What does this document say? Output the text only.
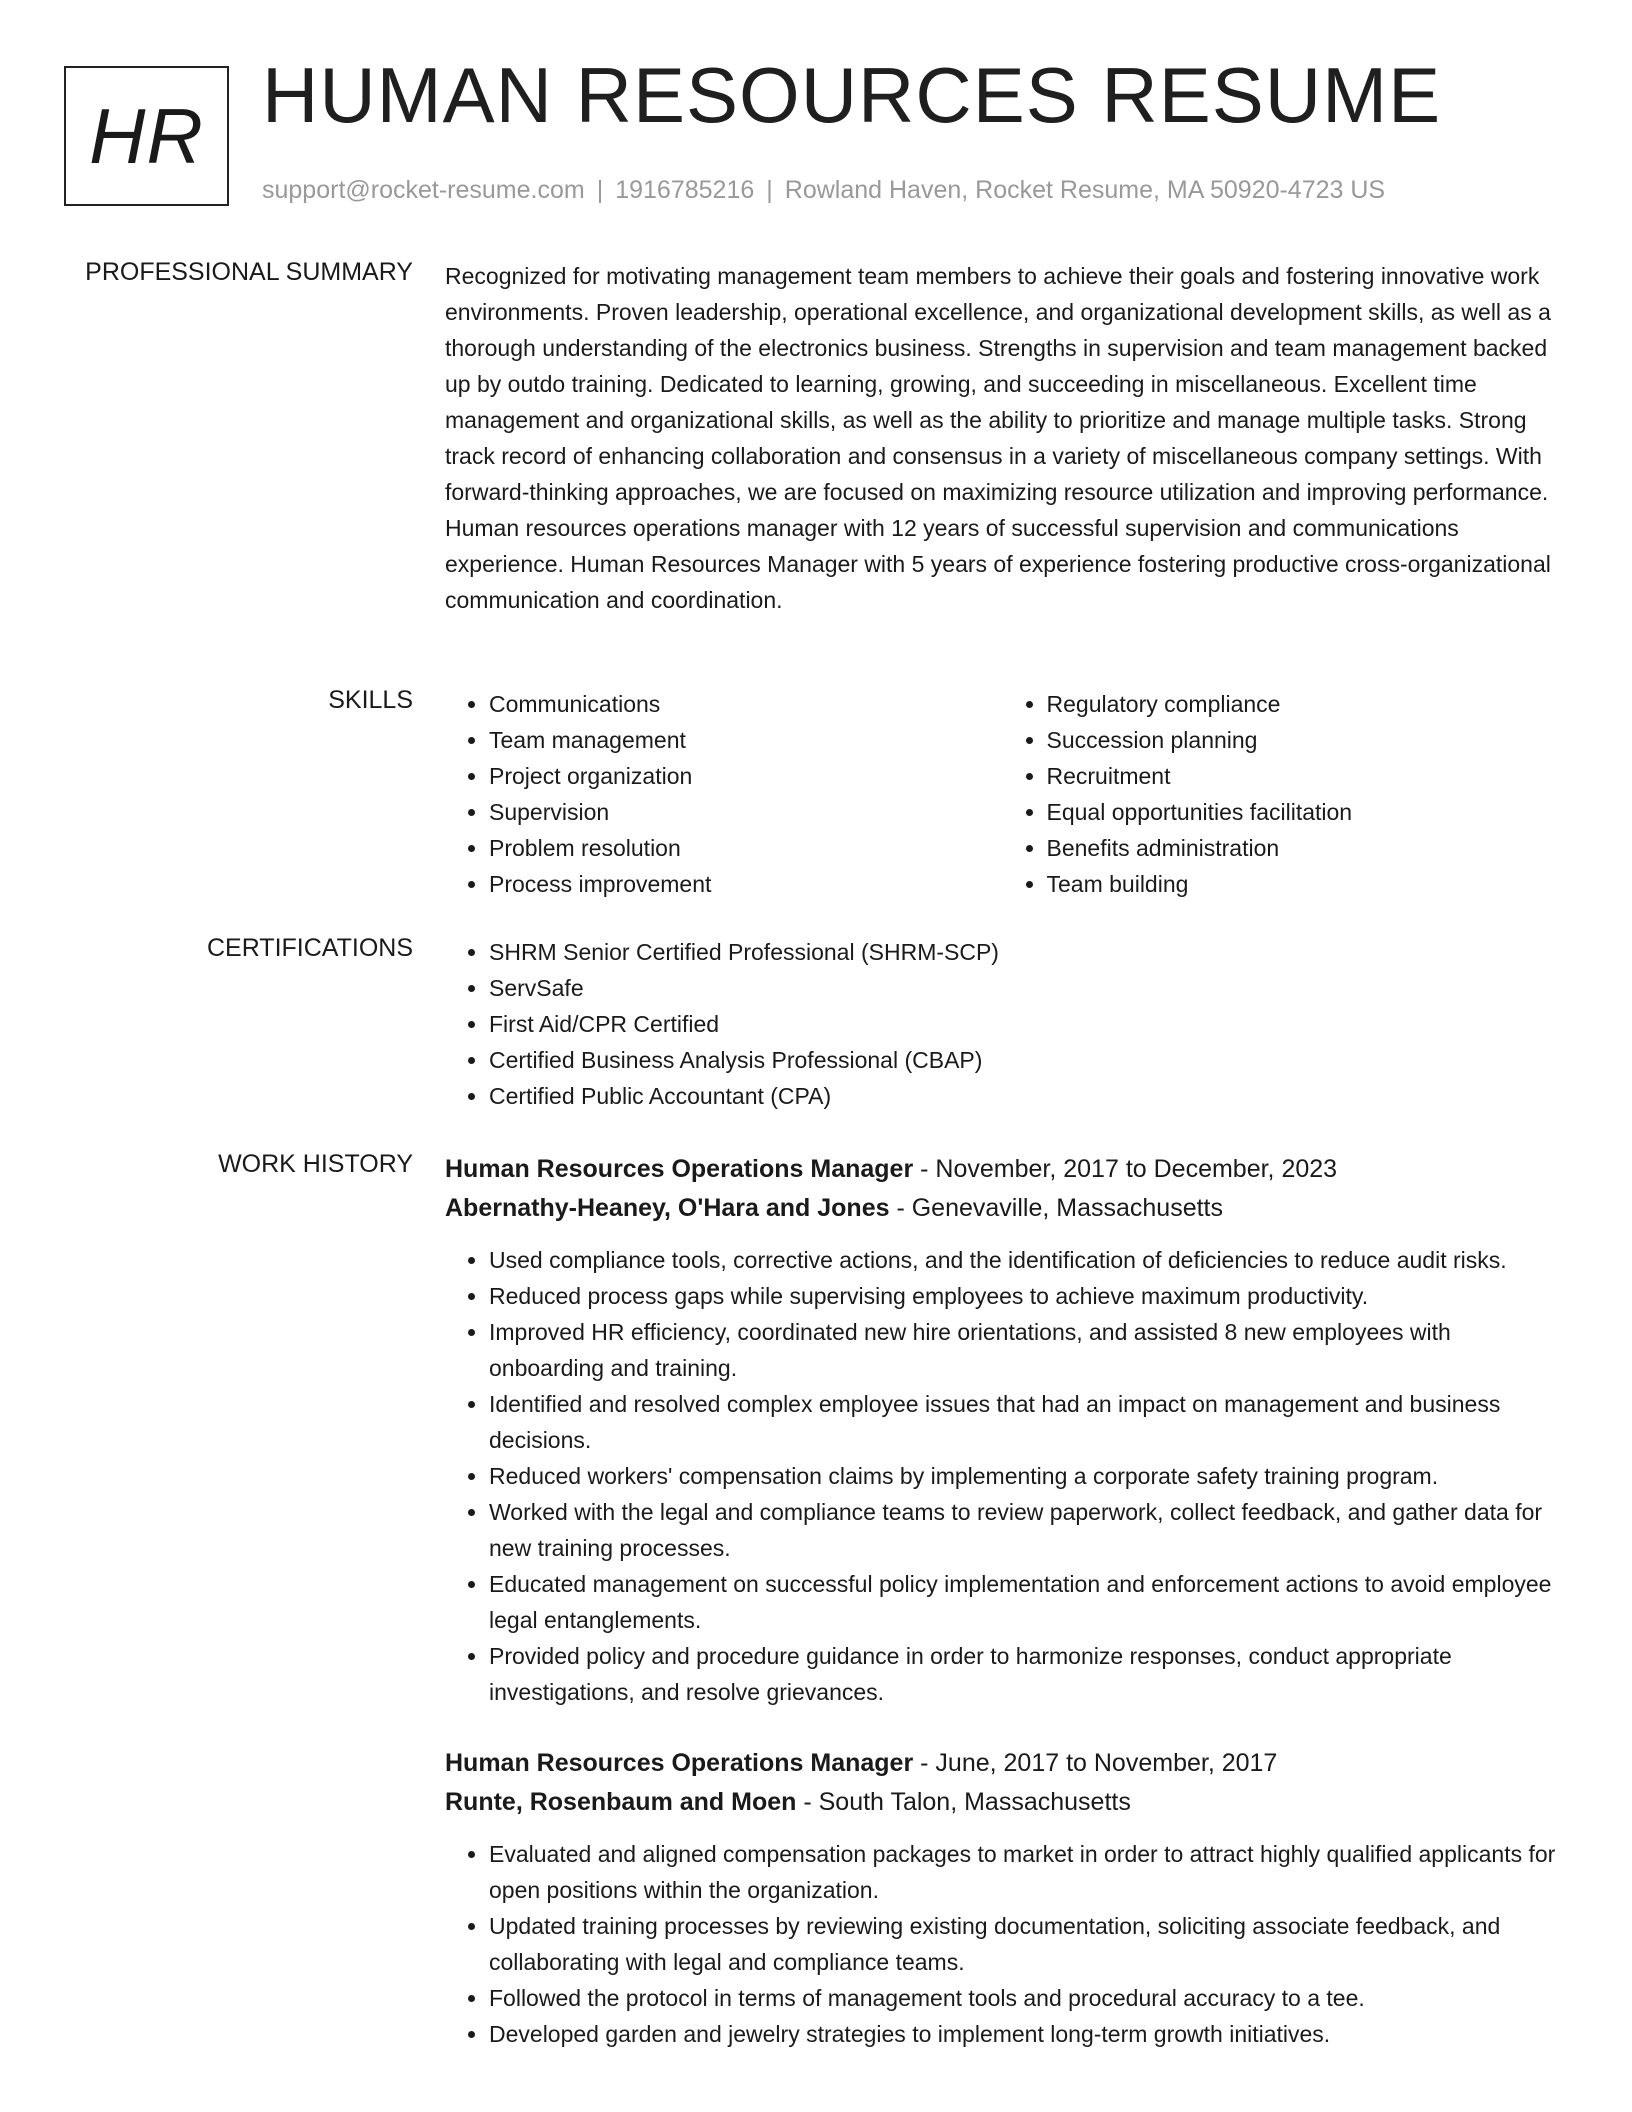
HR HUMAN RESOURCES RESUME
support@rocket-resume.com | 1916785216 | Rowland Haven, Rocket Resume, MA 50920-4723 US
PROFESSIONAL SUMMARY Recognized for motivating management team members to achieve their goals and fostering innovative work environments. Proven leadership, operational excellence, and organizational development skills, as well as a thorough understanding of the electronics business. Strengths in supervision and team management backed up by outdo training. Dedicated to learning, growing, and succeeding in miscellaneous. Excellent time management and organizational skills, as well as the ability to prioritize and manage multiple tasks. Strong track record of enhancing collaboration and consensus in a variety of miscellaneous company settings. With forward-thinking approaches, we are focused on maximizing resource utilization and improving performance. Human resources operations manager with 12 years of successful supervision and communications experience. Human Resources Manager with 5 years of experience fostering productive cross-organizational communication and coordination.

SKILLS	• Communications
• Team management
• Project organization
• Supervision
• Problem resolution
• Process improvement
• Regulatory compliance
• Succession planning
• Recruitment
• Equal opportunities facilitation
• Benefits administration
• Team building
CERTIFICATIONS	• SHRM Senior Certified Professional (SHRM-SCP)
• ServSafe
• First Aid/CPR Certified
• Certified Business Analysis Professional (CBAP)
• Certified Public Accountant (CPA)
WORK HISTORY Human Resources Operations Manager - November, 2017 to December, 2023
Abernathy-Heaney, O'Hara and Jones - Genevaville, Massachusetts
• Used compliance tools, corrective actions, and the identification of deficiencies to reduce audit risks.
• Reduced process gaps while supervising employees to achieve maximum productivity.
• Improved HR efficiency, coordinated new hire orientations, and assisted 8 new employees with onboarding and training.
• Identified and resolved complex employee issues that had an impact on management and business decisions.
• Reduced workers' compensation claims by implementing a corporate safety training program.
• Worked with the legal and compliance teams to review paperwork, collect feedback, and gather data for new training processes.
• Educated management on successful policy implementation and enforcement actions to avoid employee legal entanglements.
• Provided policy and procedure guidance in order to harmonize responses, conduct appropriate investigations, and resolve grievances.
Human Resources Operations Manager - June, 2017 to November, 2017
Runte, Rosenbaum and Moen - South Talon, Massachusetts
• Evaluated and aligned compensation packages to market in order to attract highly qualified applicants for open positions within the organization.
• Updated training processes by reviewing existing documentation, soliciting associate feedback, and collaborating with legal and compliance teams.
• Followed the protocol in terms of management tools and procedural accuracy to a tee.
• Developed garden and jewelry strategies to implement long-term growth initiatives.
